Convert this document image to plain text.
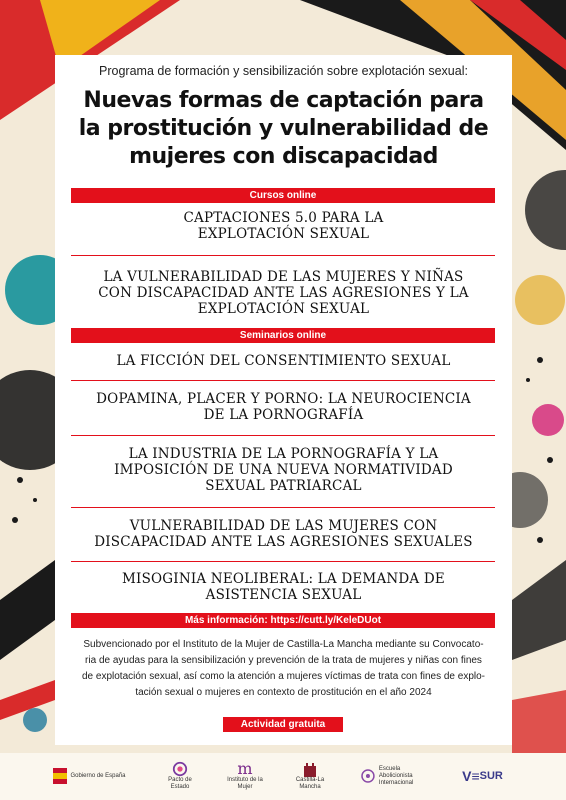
Programa de formación y sensibilización sobre explotación sexual:
Nuevas formas de captación para
la prostitución y vulnerabilidad de
mujeres con discapacidad
Cursos online
CAPTACIONES 5.0 PARA LA
EXPLOTACIÓN SEXUAL
LA VULNERABILIDAD DE LAS MUJERES Y NIÑAS
CON DISCAPACIDAD ANTE LAS AGRESIONES Y LA
EXPLOTACIÓN SEXUAL
Seminarios online
LA FICCIÓN DEL CONSENTIMIENTO SEXUAL
DOPAMINA, PLACER Y PORNO: LA NEUROCIENCIA
DE LA PORNOGRAFÍA
LA INDUSTRIA DE LA PORNOGRAFÍA Y LA
IMPOSICIÓN DE UNA NUEVA NORMATIVIDAD
SEXUAL PATRIARCAL
VULNERABILIDAD DE LAS MUJERES CON
DISCAPACIDAD ANTE LAS AGRESIONES SEXUALES
MISOGINIA NEOLIBERAL: LA DEMANDA DE
ASISTENCIA SEXUAL
Más información: https://cutt.ly/KeleDUot
Subvencionado por el Instituto de la Mujer de Castilla-La Mancha mediante su Convocato-
ria de ayudas para la sensibilización y prevención de la trata de mujeres y niñas con fines
de explotación sexual, así como la atención a mujeres víctimas de trata con fines de explo-
tación sexual o mujeres en contexto de prostitución en el año 2024
Actividad gratuita
Gobierno de España
Pacto de Estado
m
Instituto de la Mujer
Castilla-La Mancha
Escuela Abolicionista
Internacional	V≡ SUR
